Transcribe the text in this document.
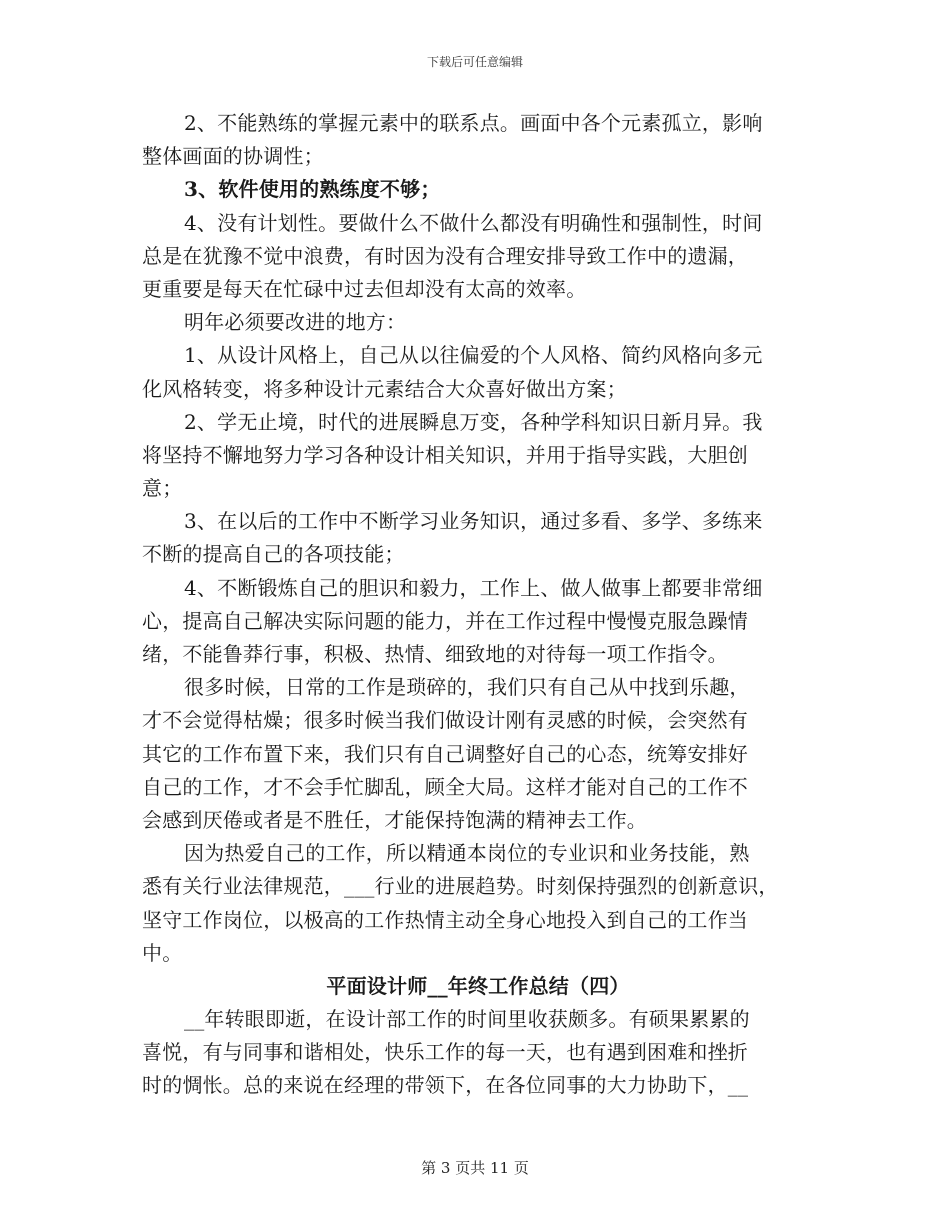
下载后可任意编辑
2、不能熟练的掌握元素中的联系点。画面中各个元素孤立，影响
整体画面的协调性；
3、软件使用的熟练度不够；
4、没有计划性。要做什么不做什么都没有明确性和强制性，时间
总是在犹豫不觉中浪费，有时因为没有合理安排导致工作中的遗漏，
更重要是每天在忙碌中过去但却没有太高的效率。
明年必须要改进的地方：
1、从设计风格上，自己从以往偏爱的个人风格、简约风格向多元
化风格转变，将多种设计元素结合大众喜好做出方案；
2、学无止境，时代的进展瞬息万变，各种学科知识日新月异。我
将坚持不懈地努力学习各种设计相关知识，并用于指导实践，大胆创
意；
3、在以后的工作中不断学习业务知识，通过多看、多学、多练来
不断的提高自己的各项技能；
4、不断锻炼自己的胆识和毅力，工作上、做人做事上都要非常细
心，提高自己解决实际问题的能力，并在工作过程中慢慢克服急躁情
绪，不能鲁莽行事，积极、热情、细致地的对待每一项工作指令。
很多时候，日常的工作是琐碎的，我们只有自己从中找到乐趣，
才不会觉得枯燥；很多时候当我们做设计刚有灵感的时候，会突然有
其它的工作布置下来，我们只有自己调整好自己的心态，统筹安排好
自己的工作，才不会手忙脚乱，顾全大局。这样才能对自己的工作不
会感到厌倦或者是不胜任，才能保持饱满的精神去工作。
因为热爱自己的工作，所以精通本岗位的专业识和业务技能，熟
悉有关行业法律规范，___行业的进展趋势。时刻保持强烈的创新意识，
坚守工作岗位，以极高的工作热情主动全身心地投入到自己的工作当
中。
平面设计师__年终工作总结（四）
__年转眼即逝，在设计部工作的时间里收获颇多。有硕果累累的
喜悦，有与同事和谐相处，快乐工作的每一天，也有遇到困难和挫折
时的惆怅。总的来说在经理的带领下，在各位同事的大力协助下，__
第 3 页共 11 页
